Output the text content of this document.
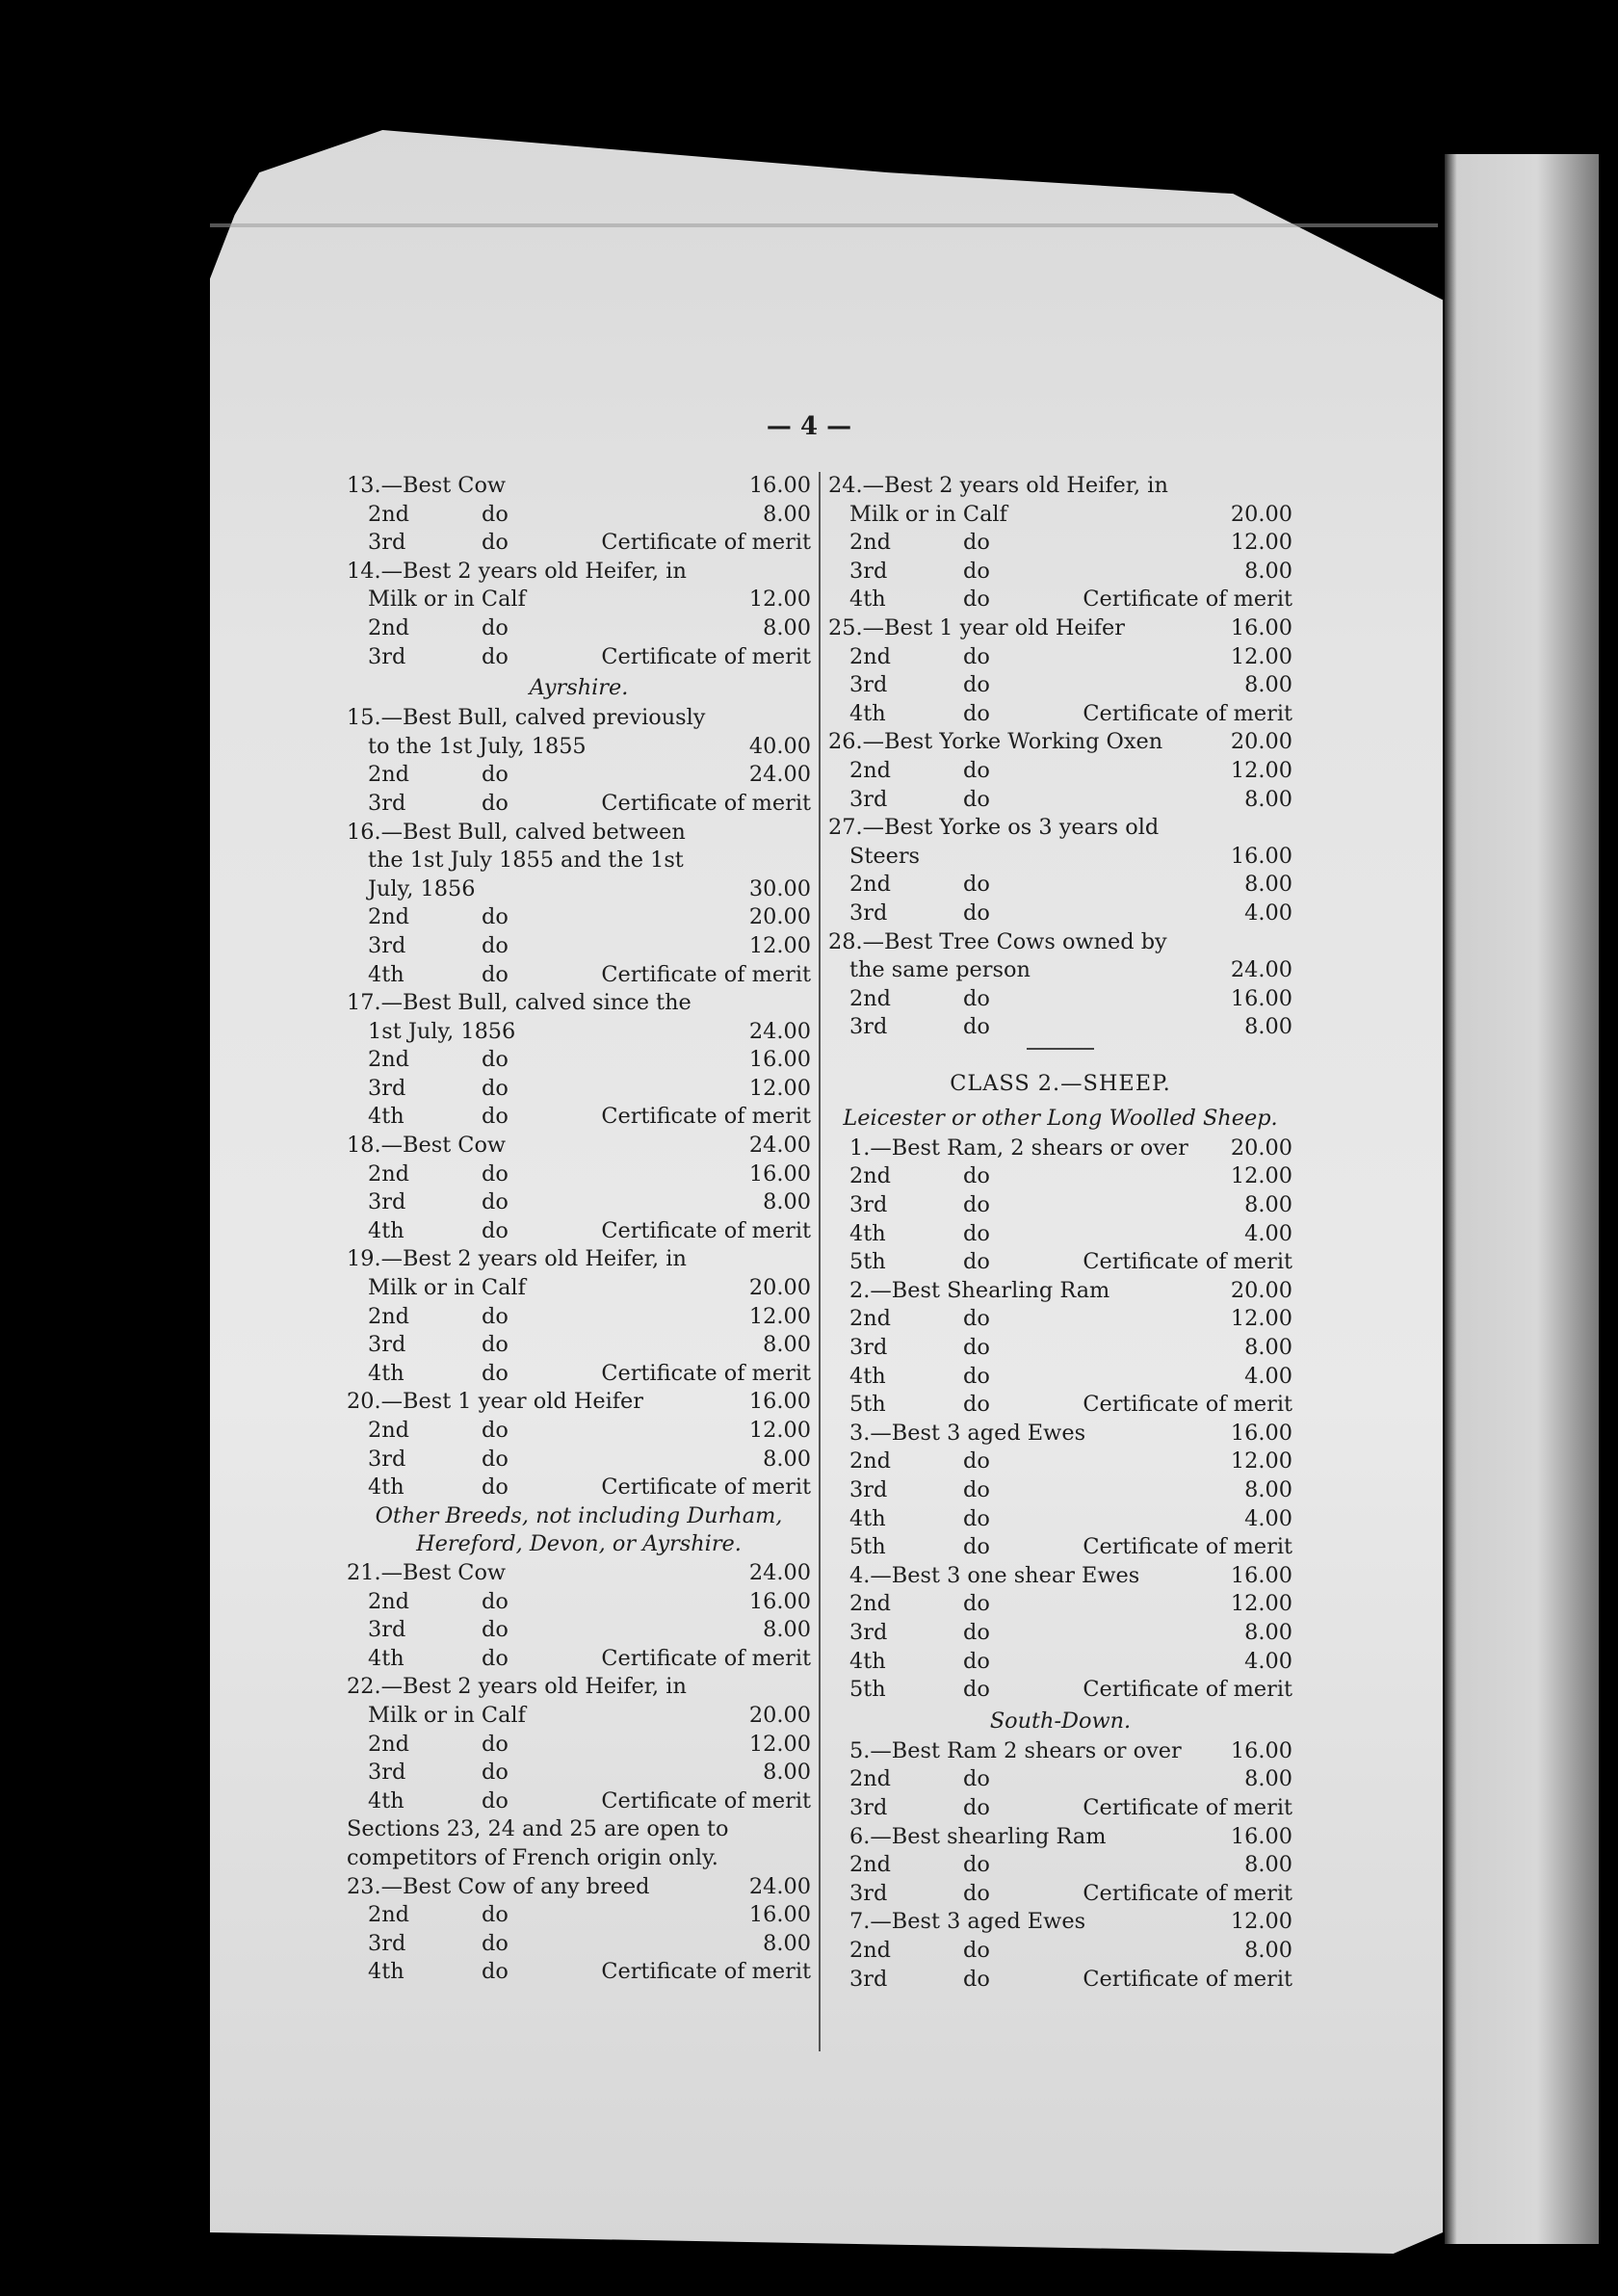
— 4 —
13.—Best Cow	16.00
2nd	do	8.00
3rd	do	Certificate of merit
14.—Best 2 years old Heifer, in
Milk or in Calf	12.00
2nd	do	8.00
3rd	do	Certificate of merit
Ayrshire.
15.—Best Bull, calved previously
to the 1st July, 1855	40.00
2nd	do	24.00
3rd	do	Certificate of merit
16.—Best Bull, calved between
the 1st July 1855 and the 1st
July, 1856	30.00
2nd	do	20.00
3rd	do	12.00
4th	do	Certificate of merit
17.—Best Bull, calved since the
1st July, 1856	24.00
2nd	do	16.00
3rd	do	12.00
4th	do	Certificate of merit
18.—Best Cow	24.00
2nd	do	16.00
3rd	do	8.00
4th	do	Certificate of merit
19.—Best 2 years old Heifer, in
Milk or in Calf	20.00
2nd	do	12.00
3rd	do	8.00
4th	do	Certificate of merit
20.—Best 1 year old Heifer	16.00
2nd	do	12.00
3rd	do	8.00
4th	do	Certificate of merit
Other Breeds, not including Durham, Hereford, Devon, or Ayrshire.
21.—Best Cow	24.00
2nd	do	16.00
3rd	do	8.00
4th	do	Certificate of merit
22.—Best 2 years old Heifer, in
Milk or in Calf	20.00
2nd	do	12.00
3rd	do	8.00
4th	do	Certificate of merit
Sections 23, 24 and 25 are open to competitors of French origin only.
23.—Best Cow of any breed	24.00
2nd	do	16.00
3rd	do	8.00
4th	do	Certificate of merit
24.—Best 2 years old Heifer, in
Milk or in Calf	20.00
2nd	do	12.00
3rd	do	8.00
4th	do	Certificate of merit
25.—Best 1 year old Heifer	16.00
2nd	do	12.00
3rd	do	8.00
4th	do	Certificate of merit
26.—Best Yorke Working Oxen	20.00
2nd	do	12.00
3rd	do	8.00
27.—Best Yorke os 3 years old
Steers	16.00
2nd	do	8.00
3rd	do	4.00
28.—Best Tree Cows owned by
the same person	24.00
2nd	do	16.00
3rd	do	8.00
CLASS 2.—SHEEP.
Leicester or other Long Woolled Sheep.
1.—Best Ram, 2 shears or over 20.00
2nd	do	12.00
3rd	do	8.00
4th	do	4.00
5th	do	Certificate of merit
2.—Best Shearling Ram	20.00
2nd	do	12.00
3rd	do	8.00
4th	do	4.00
5th	do	Certificate of merit
3.—Best 3 aged Ewes	16.00
2nd	do	12.00
3rd	do	8.00
4th	do	4.00
5th	do	Certificate of merit
4.—Best 3 one shear Ewes	16.00
2nd	do	12.00
3rd	do	8.00
4th	do	4.00
5th	do	Certificate of merit
South-Down.
5.—Best Ram 2 shears or over 16.00
2nd	do	8.00
3rd	do	Certificate of merit
6.—Best shearling Ram	16.00
2nd	do	8.00
3rd	do	Certificate of merit
7.—Best 3 aged Ewes	12.00
2nd	do	8.00
3rd	do	Certificate of merit
